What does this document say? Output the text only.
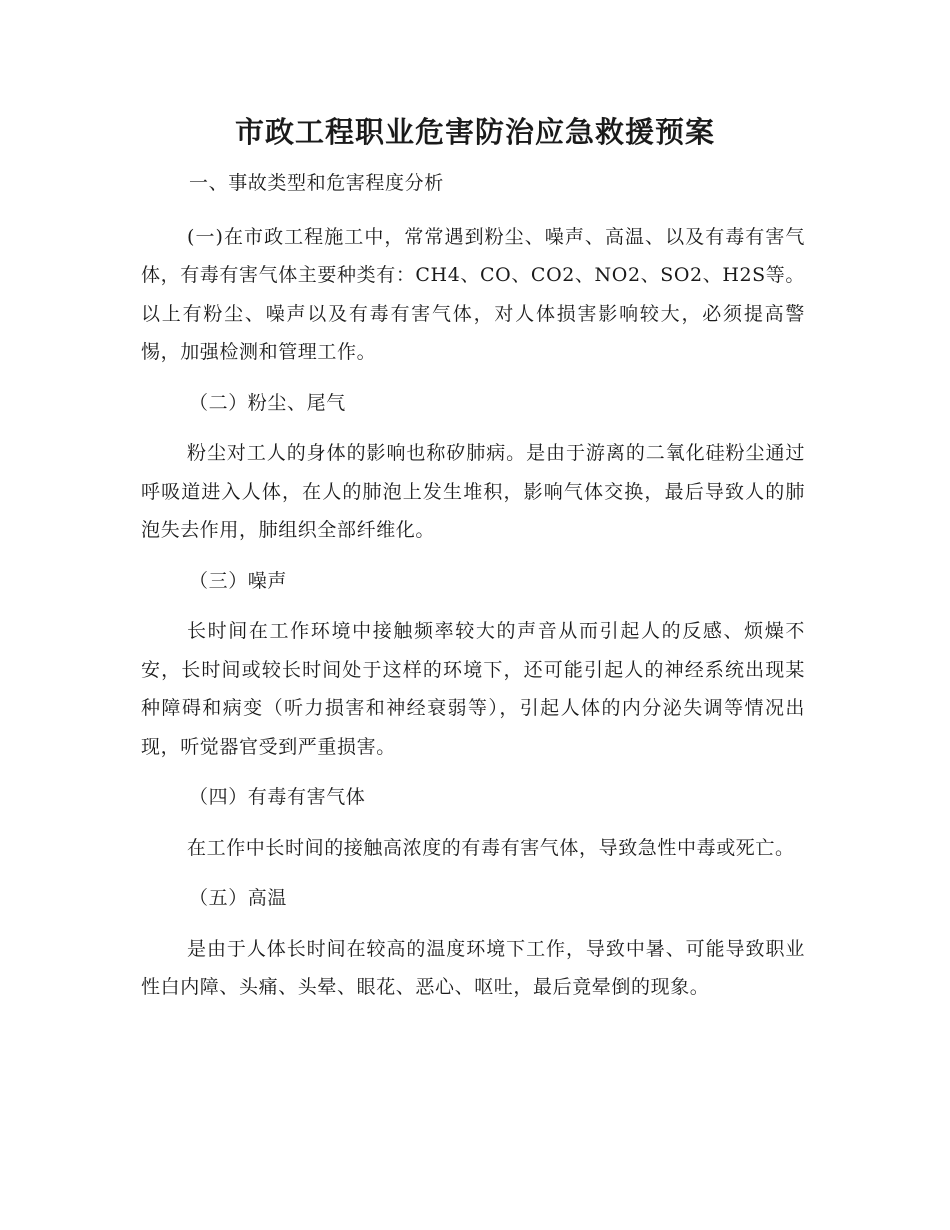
市政工程职业危害防治应急救援预案

一、事故类型和危害程度分析

(一)在市政工程施工中，常常遇到粉尘、噪声、高温、以及有毒有害气体，有毒有害气体主要种类有：CH4、CO、CO2、NO2、SO2、H2S等。以上有粉尘、噪声以及有毒有害气体，对人体损害影响较大，必须提高警惕，加强检测和管理工作。

（二）粉尘、尾气

粉尘对工人的身体的影响也称矽肺病。是由于游离的二氧化硅粉尘通过呼吸道进入人体，在人的肺泡上发生堆积，影响气体交换，最后导致人的肺泡失去作用，肺组织全部纤维化。

（三）噪声

长时间在工作环境中接触频率较大的声音从而引起人的反感、烦燥不安，长时间或较长时间处于这样的环境下，还可能引起人的神经系统出现某种障碍和病变（听力损害和神经衰弱等），引起人体的内分泌失调等情况出现，听觉器官受到严重损害。

（四）有毒有害气体

在工作中长时间的接触高浓度的有毒有害气体，导致急性中毒或死亡。

（五）高温

是由于人体长时间在较高的温度环境下工作，导致中暑、可能导致职业性白内障、头痛、头晕、眼花、恶心、呕吐，最后竟晕倒的现象。
